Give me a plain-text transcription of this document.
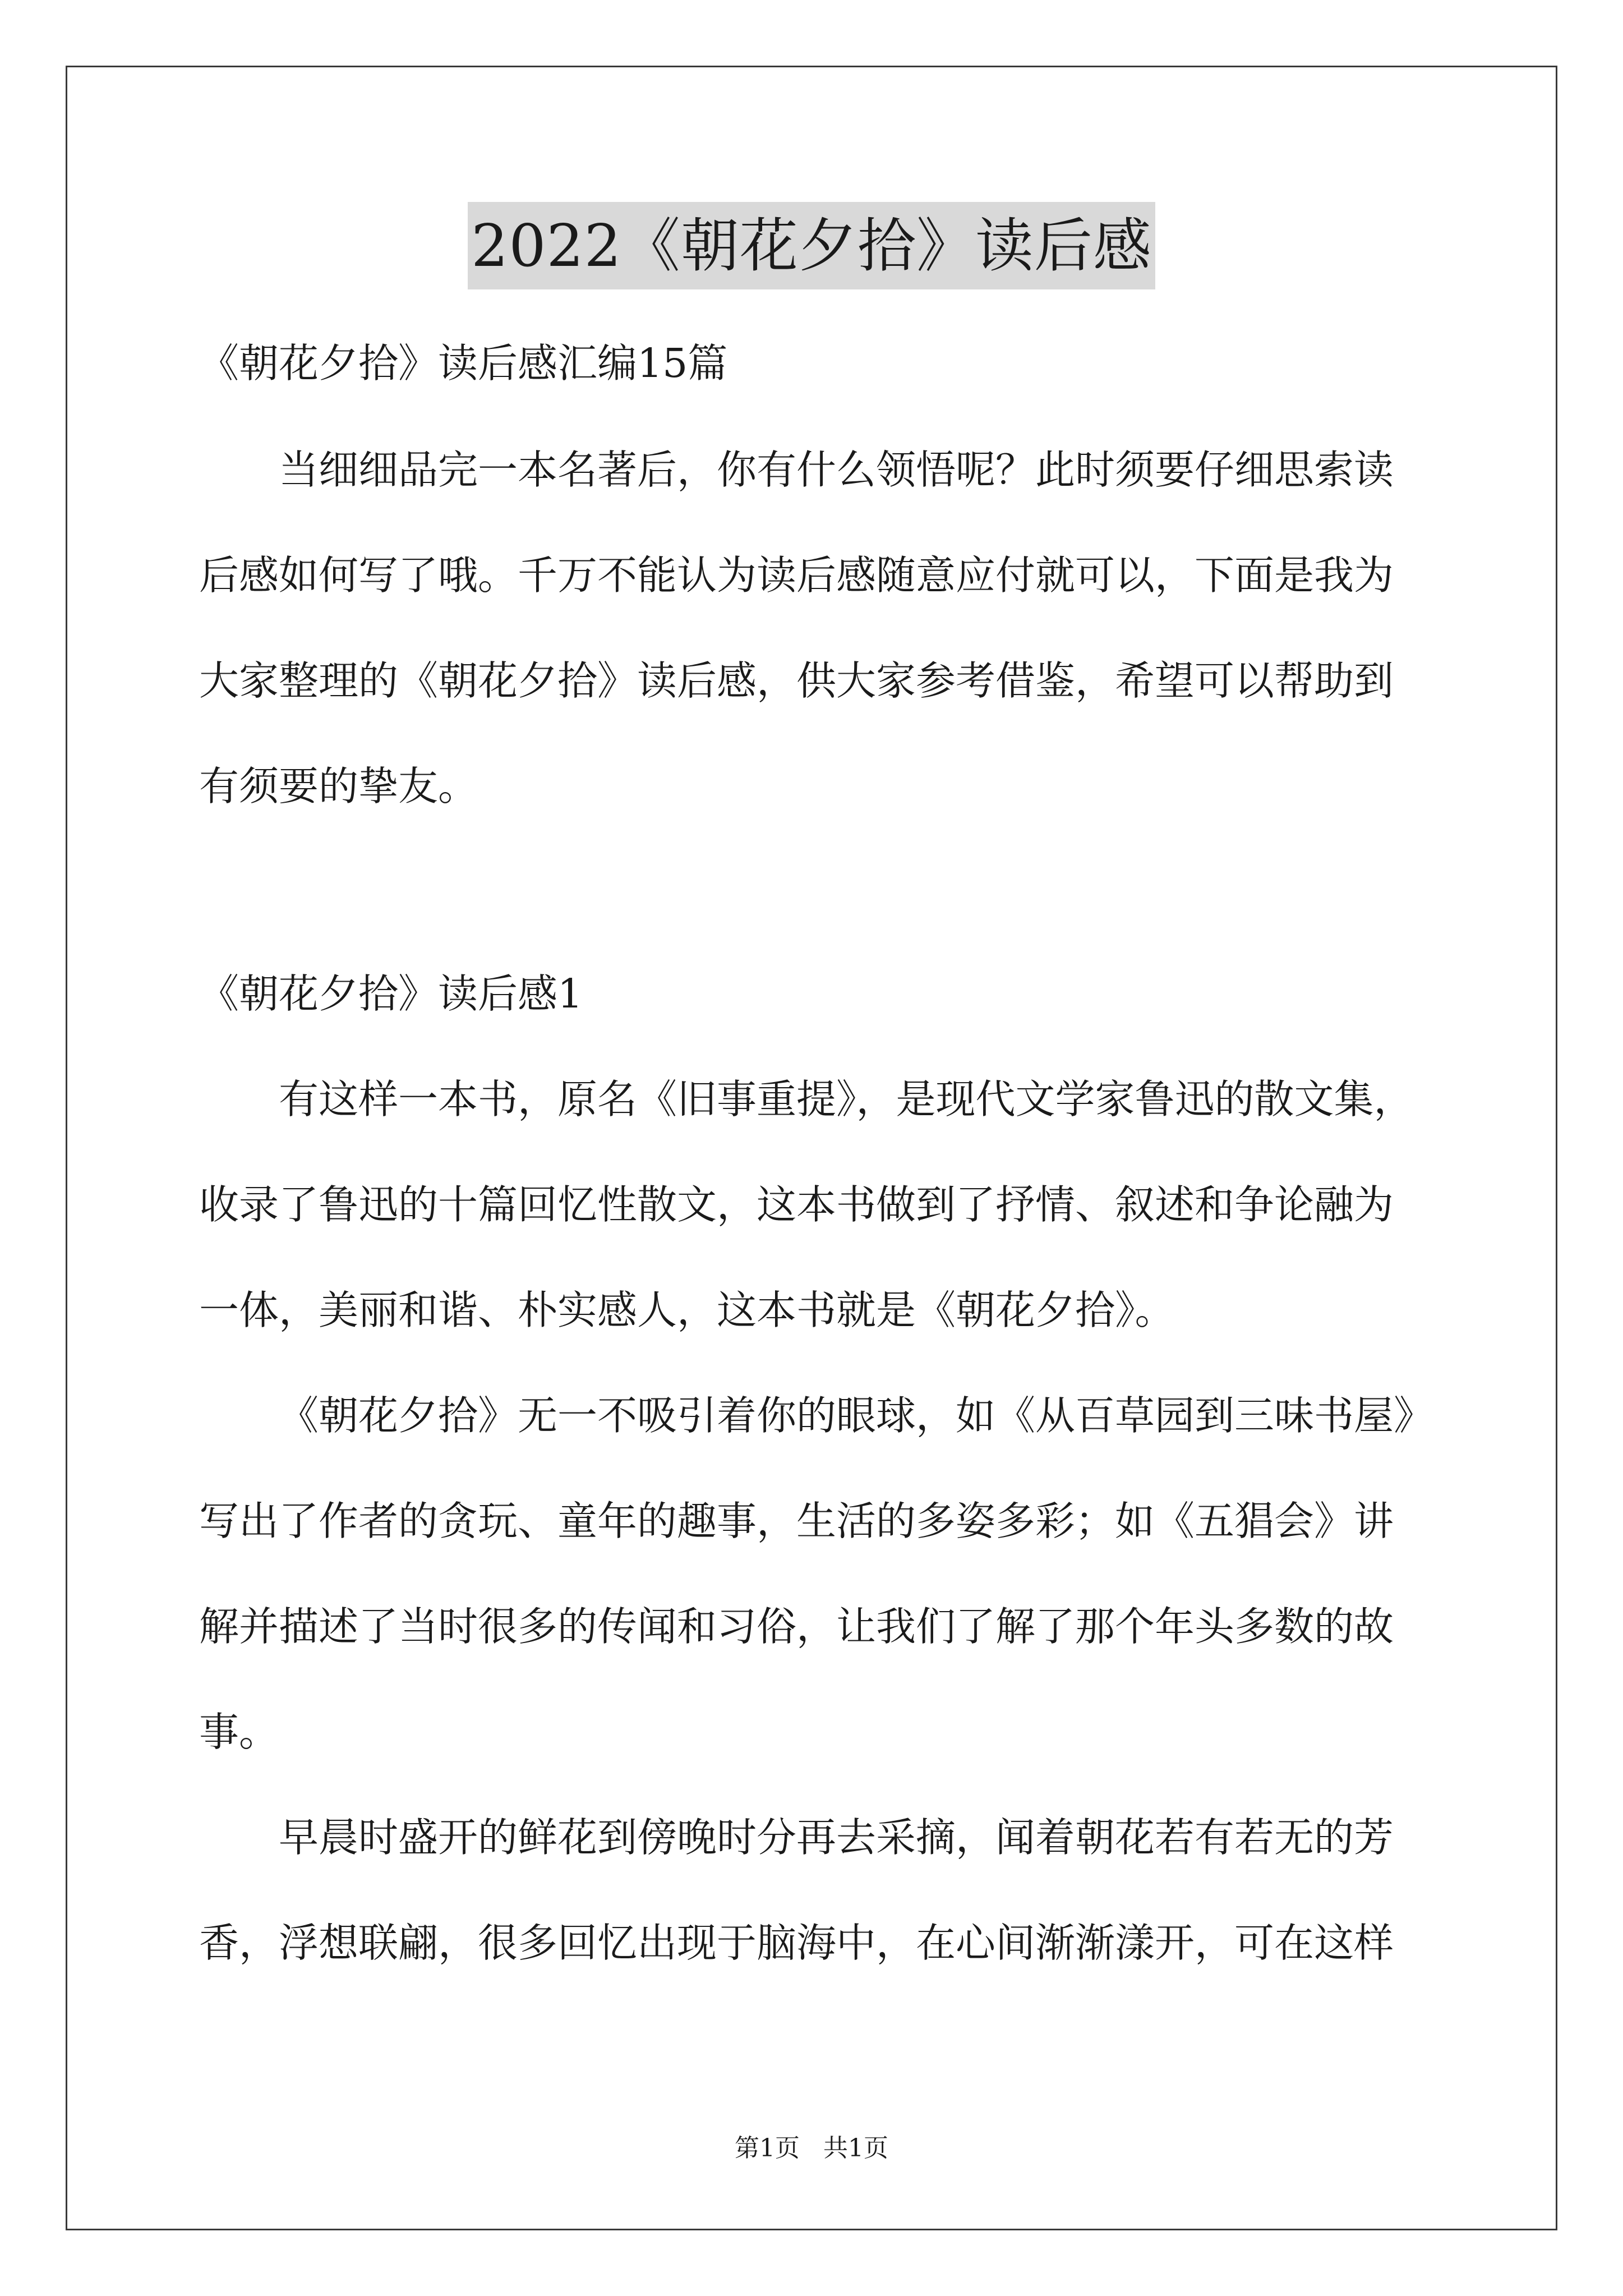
2022《朝花夕拾》读后感
《朝花夕拾》读后感汇编15篇
当细细品完一本名著后，你有什么领悟呢？此时须要仔细思索读
后感如何写了哦。千万不能认为读后感随意应付就可以，下面是我为
大家整理的《朝花夕拾》读后感，供大家参考借鉴，希望可以帮助到
有须要的挚友。
《朝花夕拾》读后感1
有这样一本书，原名《旧事重提》，是现代文学家鲁迅的散文集，
收录了鲁迅的十篇回忆性散文，这本书做到了抒情、叙述和争论融为
一体，美丽和谐、朴实感人，这本书就是《朝花夕拾》。
《朝花夕拾》无一不吸引着你的眼球，如《从百草园到三味书屋》
写出了作者的贪玩、童年的趣事，生活的多姿多彩；如《五猖会》讲
解并描述了当时很多的传闻和习俗，让我们了解了那个年头多数的故
事。
早晨时盛开的鲜花到傍晚时分再去采摘，闻着朝花若有若无的芳
香，浮想联翩，很多回忆出现于脑海中，在心间渐渐漾开，可在这样
第1页 共1页
